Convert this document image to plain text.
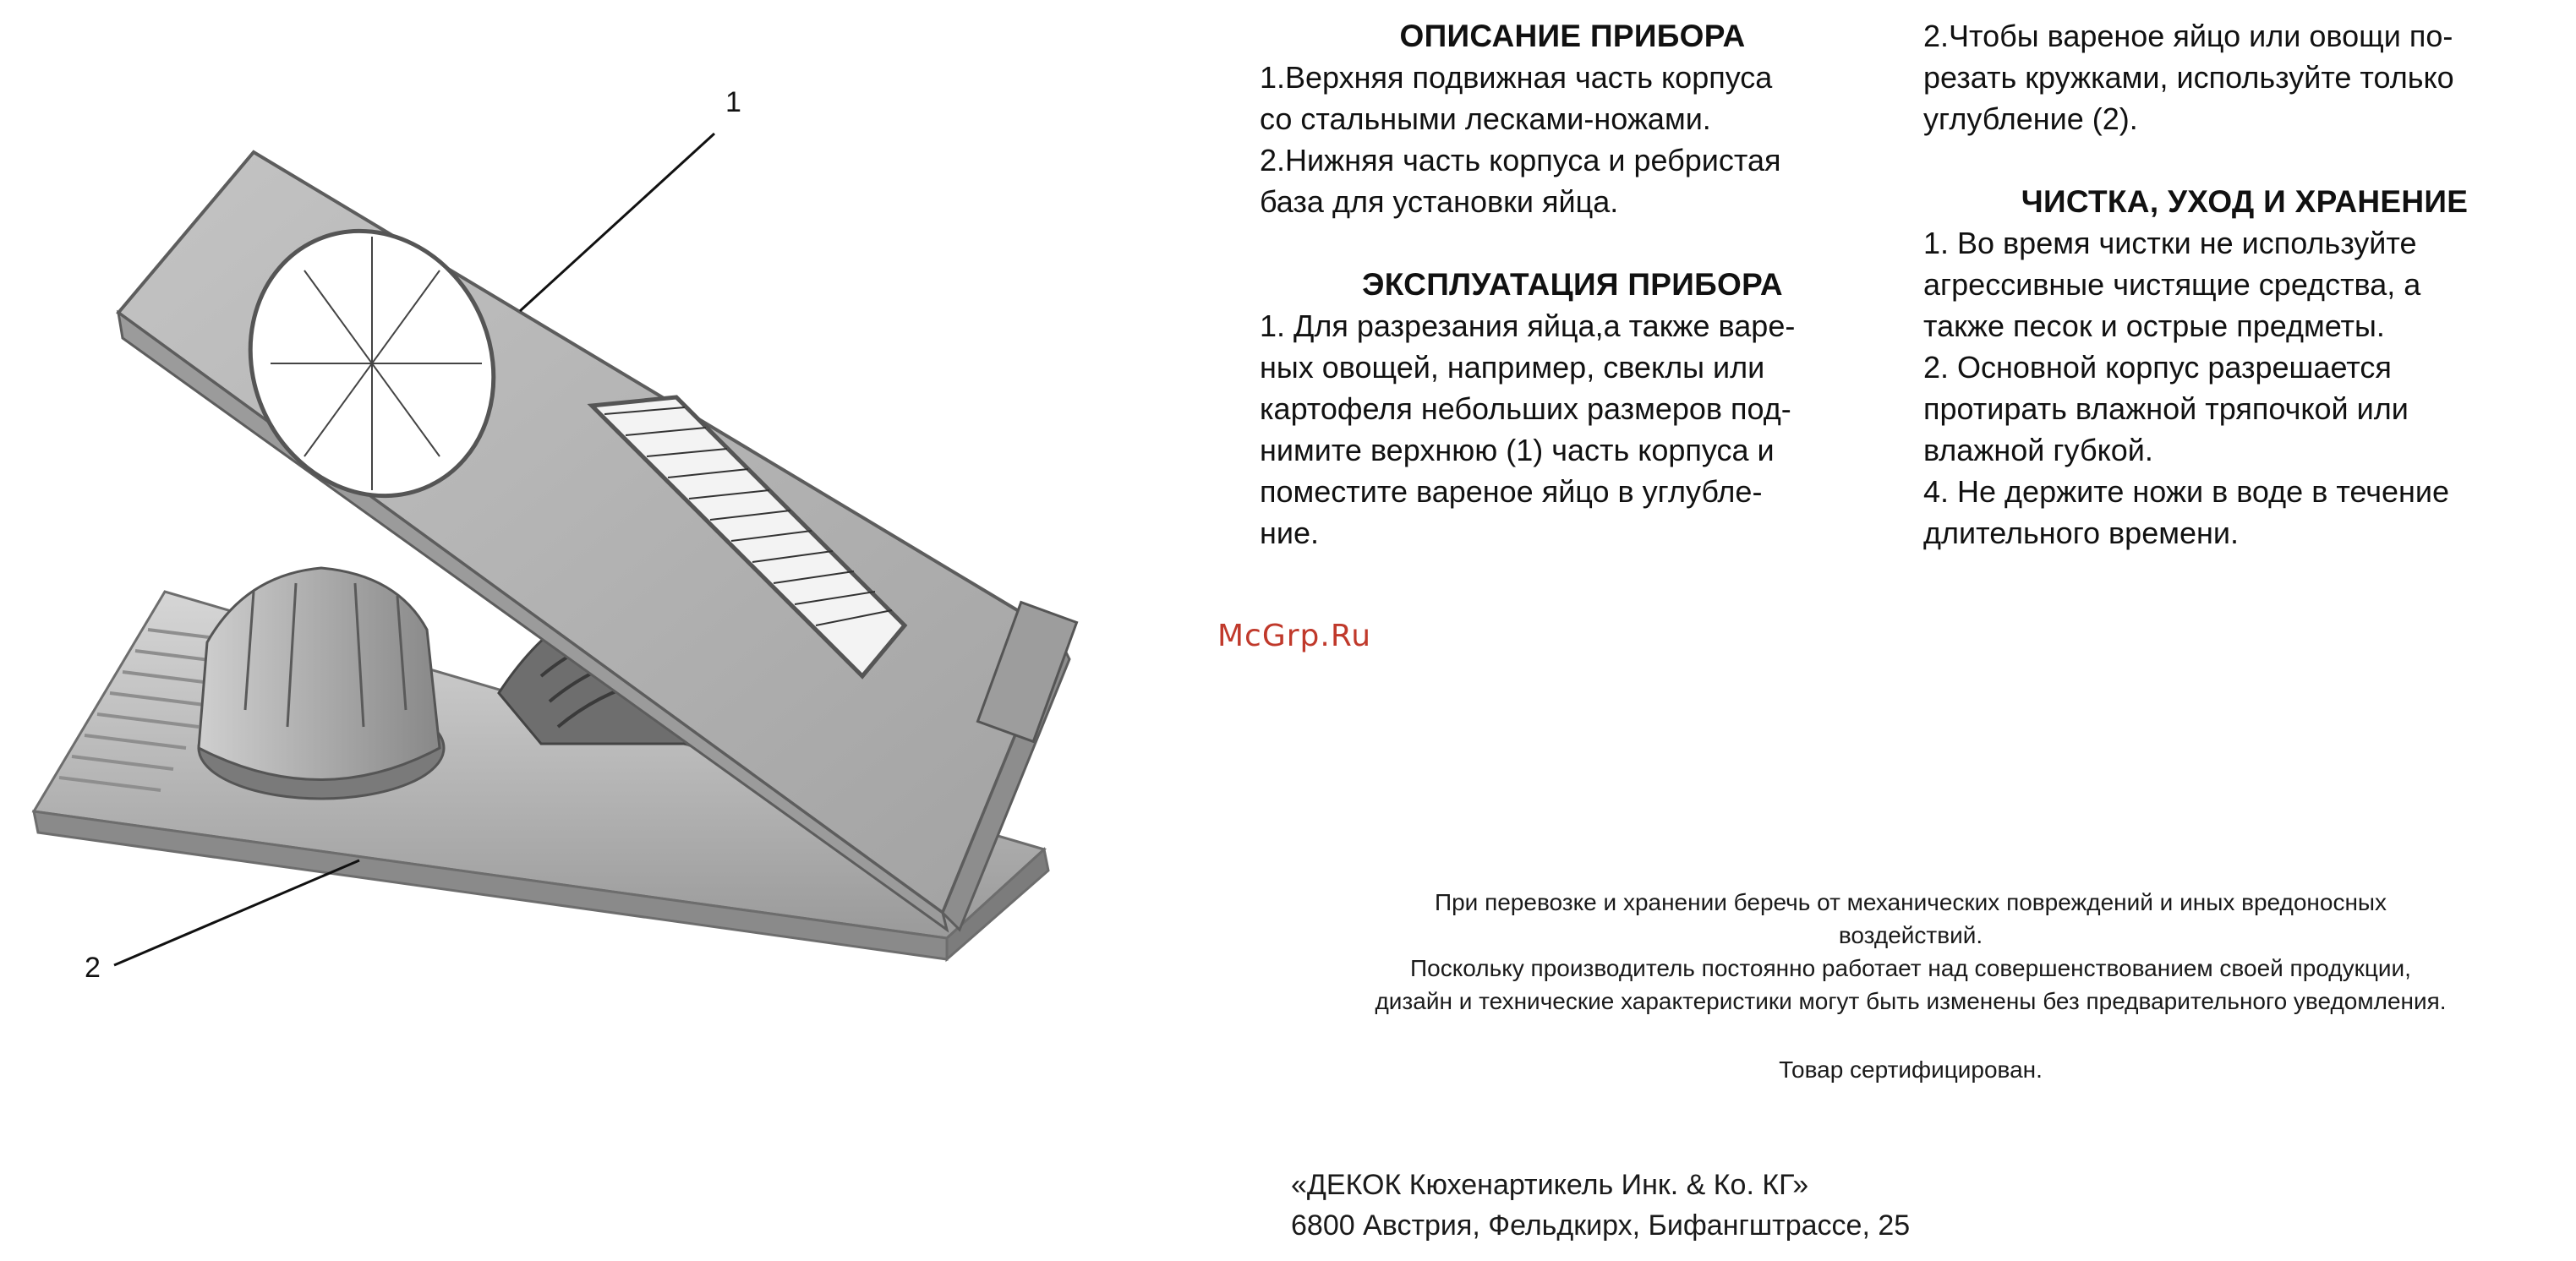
1
2
ОПИСАНИЕ ПРИБОРА

1.Верхняя подвижная часть корпуса

со стальными лесками-ножами.

2.Нижняя часть корпуса и ребристая

база для установки яйца.

ЭКСПЛУАТАЦИЯ ПРИБОРА

1. Для разрезания яйца,а также варе-

ных овощей, например, свеклы или

картофеля небольших размеров под-

нимите верхнюю (1) часть корпуса и

поместите вареное яйцо в углубле-

ние.

2.Чтобы вареное яйцо или овощи по-

резать кружками, используйте только

углубление (2).

ЧИСТКА, УХОД И ХРАНЕНИЕ

1. Во время чистки не используйте

агрессивные чистящие средства, а

также песок и острые предметы.

2. Основной корпус разрешается

протирать влажной тряпочкой или

влажной губкой.

4. Не держите ножи в воде в течение

длительного времени.

McGrp.Ru

При перевозке и хранении беречь от механических повреждений и иных вредоносных

воздействий.

Поскольку производитель постоянно работает над совершенствованием своей продукции,

дизайн и технические характеристики могут быть изменены без предварительного уведомления.

Товар сертифицирован.

«ДЕКОК Кюхенартикель Инк. & Ко. КГ»

6800 Австрия, Фельдкирх, Бифангштрассе, 25
